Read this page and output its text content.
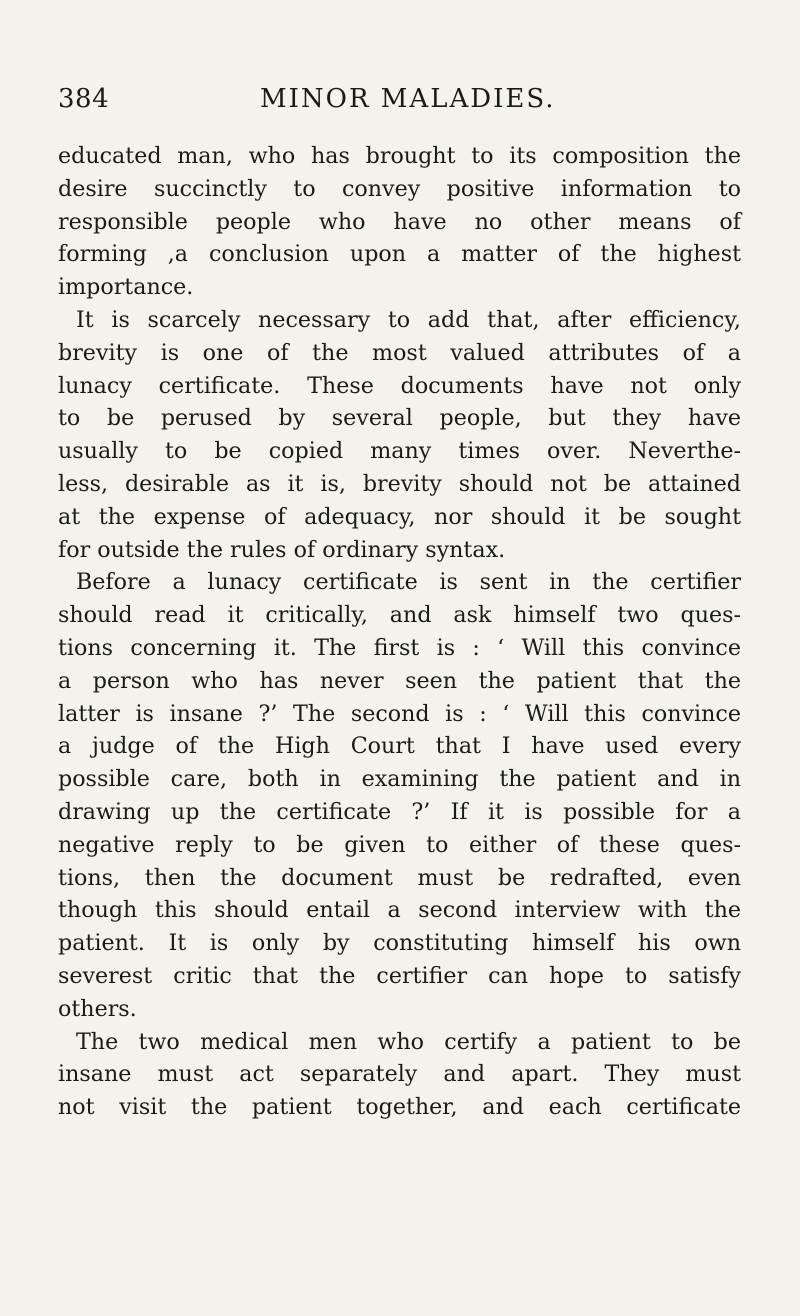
384	MINOR MALADIES.
educated man, who has brought to its composition the
desire succinctly to convey positive information to
responsible people who have no other means of
forming ,a conclusion upon a matter of the highest
importance.
It is scarcely necessary to add that, after efficiency,
brevity is one of the most valued attributes of a
lunacy certificate. These documents have not only
to be perused by several people, but they have
usually to be copied many times over. Neverthe-
less, desirable as it is, brevity should not be attained
at the expense of adequacy, nor should it be sought
for outside the rules of ordinary syntax.
Before a lunacy certificate is sent in the certifier
should read it critically, and ask himself two ques-
tions concerning it. The first is : ‘ Will this convince
a person who has never seen the patient that the
latter is insane ?’ The second is : ‘ Will this convince
a judge of the High Court that I have used every
possible care, both in examining the patient and in
drawing up the certificate ?’ If it is possible for a
negative reply to be given to either of these ques-
tions, then the document must be redrafted, even
though this should entail a second interview with the
patient. It is only by constituting himself his own
severest critic that the certifier can hope to satisfy
others.
The two medical men who certify a patient to be
insane must act separately and apart. They must
not visit the patient together, and each certificate
